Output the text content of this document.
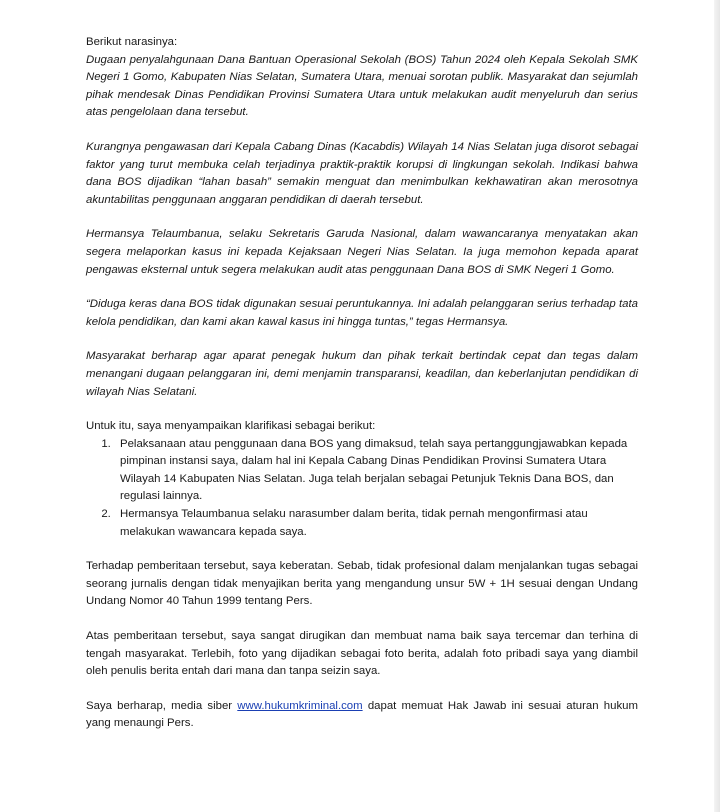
Berikut narasinya:

Dugaan penyalahgunaan Dana Bantuan Operasional Sekolah (BOS) Tahun 2024 oleh Kepala Sekolah SMK Negeri 1 Gomo, Kabupaten Nias Selatan, Sumatera Utara, menuai sorotan publik. Masyarakat dan sejumlah pihak mendesak Dinas Pendidikan Provinsi Sumatera Utara untuk melakukan audit menyeluruh dan serius atas pengelolaan dana tersebut.

Kurangnya pengawasan dari Kepala Cabang Dinas (Kacabdis) Wilayah 14 Nias Selatan juga disorot sebagai faktor yang turut membuka celah terjadinya praktik-praktik korupsi di lingkungan sekolah. Indikasi bahwa dana BOS dijadikan “lahan basah” semakin menguat dan menimbulkan kekhawatiran akan merosotnya akuntabilitas penggunaan anggaran pendidikan di daerah tersebut.

Hermansya Telaumbanua, selaku Sekretaris Garuda Nasional, dalam wawancaranya menyatakan akan segera melaporkan kasus ini kepada Kejaksaan Negeri Nias Selatan. Ia juga memohon kepada aparat pengawas eksternal untuk segera melakukan audit atas penggunaan Dana BOS di SMK Negeri 1 Gomo.

“Diduga keras dana BOS tidak digunakan sesuai peruntukannya. Ini adalah pelanggaran serius terhadap tata kelola pendidikan, dan kami akan kawal kasus ini hingga tuntas,” tegas Hermansya.

Masyarakat berharap agar aparat penegak hukum dan pihak terkait bertindak cepat dan tegas dalam menangani dugaan pelanggaran ini, demi menjamin transparansi, keadilan, dan keberlanjutan pendidikan di wilayah Nias Selatani.

Untuk itu, saya menyampaikan klarifikasi sebagai berikut:

1. Pelaksanaan atau penggunaan dana BOS yang dimaksud, telah saya pertanggungjawabkan kepada pimpinan instansi saya, dalam hal ini Kepala Cabang Dinas Pendidikan Provinsi Sumatera Utara Wilayah 14 Kabupaten Nias Selatan. Juga telah berjalan sebagai Petunjuk Teknis Dana BOS, dan regulasi lainnya.
2. Hermansya Telaumbanua selaku narasumber dalam berita, tidak pernah mengonfirmasi atau melakukan wawancara kepada saya.

Terhadap pemberitaan tersebut, saya keberatan. Sebab, tidak profesional dalam menjalankan tugas sebagai seorang jurnalis dengan tidak menyajikan berita yang mengandung unsur 5W + 1H sesuai dengan Undang Undang Nomor 40 Tahun 1999 tentang Pers.

Atas pemberitaan tersebut, saya sangat dirugikan dan membuat nama baik saya tercemar dan terhina di tengah masyarakat. Terlebih, foto yang dijadikan sebagai foto berita, adalah foto pribadi saya yang diambil oleh penulis berita entah dari mana dan tanpa seizin saya.

Saya berharap, media siber www.hukumkriminal.com dapat memuat Hak Jawab ini sesuai aturan hukum yang menaungi Pers.
